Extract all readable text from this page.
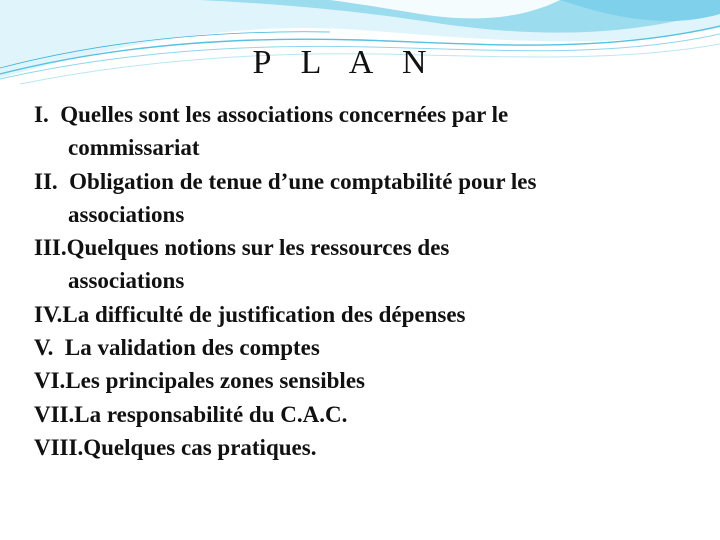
P L A N
I.
Quelles sont les associations concernées par le
commissariat
II.
Obligation de tenue d’une comptabilité pour les
associations
III. Quelques notions sur les ressources des
associations
IV. La difficulté de justification des dépenses
V.
La validation des comptes
VI. Les principales zones sensibles
VII. La responsabilité du C.A.C.
VIII. Quelques cas pratiques.
